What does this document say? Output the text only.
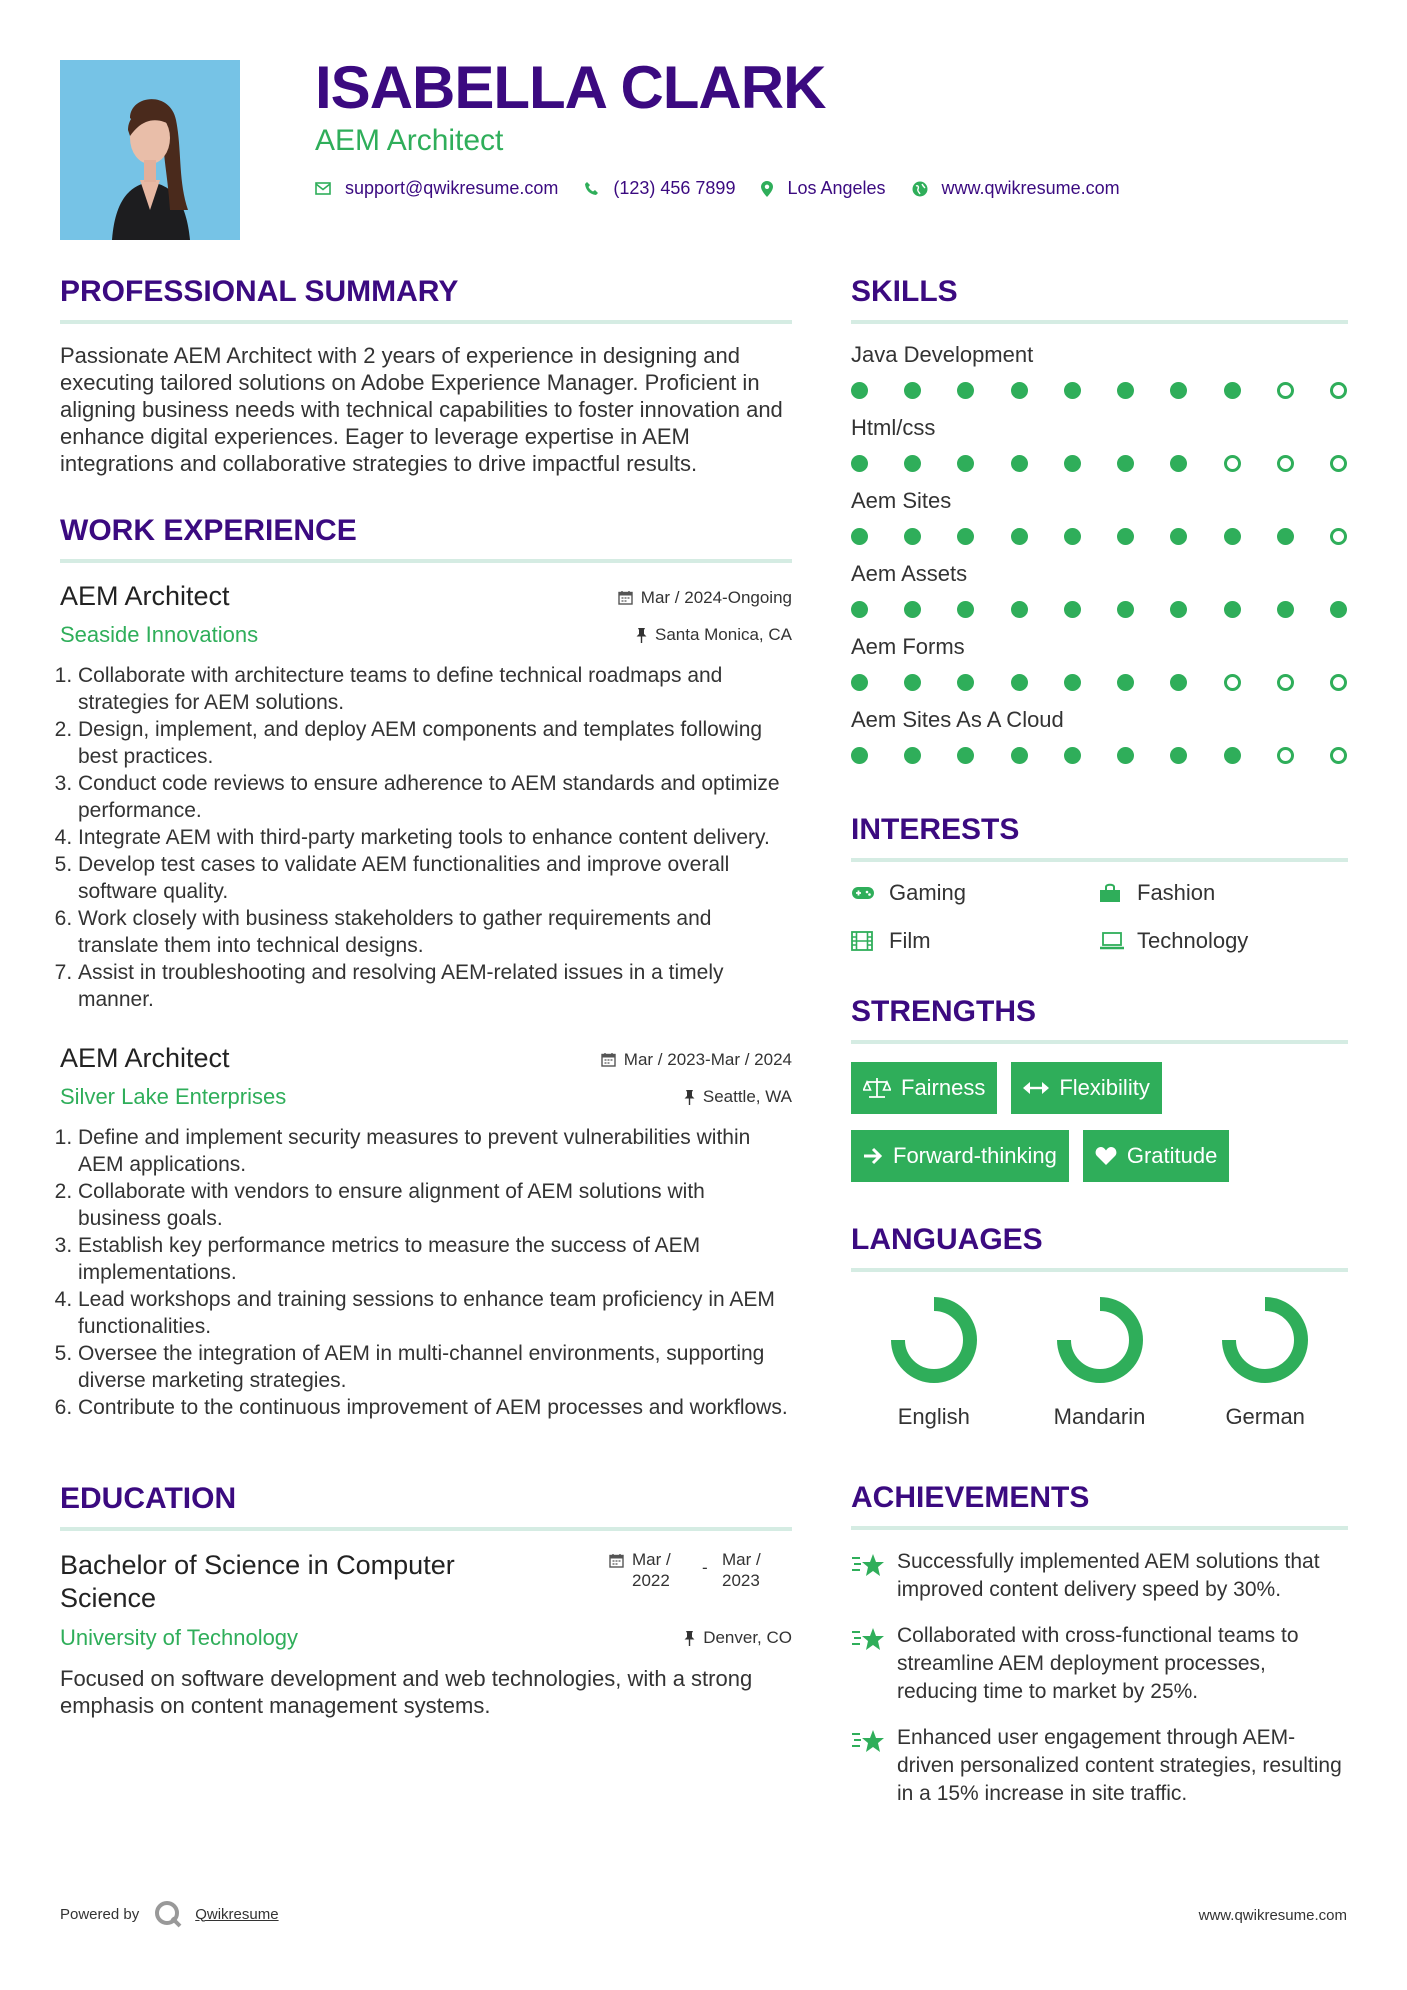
ISABELLA CLARK
AEM Architect
support@qwikresume.com	(123) 456 7899	Los Angeles	www.qwikresume.com
PROFESSIONAL SUMMARY

Passionate AEM Architect with 2 years of experience in designing and executing tailored solutions on Adobe Experience Manager. Proficient in aligning business needs with technical capabilities to foster innovation and enhance digital experiences. Eager to leverage expertise in AEM integrations and collaborative strategies to drive impactful results.

WORK EXPERIENCE
AEM Architect	Mar / 2024-Ongoing
Seaside Innovations	Santa Monica, CA
1. Collaborate with architecture teams to define technical roadmaps and strategies for AEM solutions.
2. Design, implement, and deploy AEM components and templates following best practices.
3. Conduct code reviews to ensure adherence to AEM standards and optimize performance.
4. Integrate AEM with third-party marketing tools to enhance content delivery.
5. Develop test cases to validate AEM functionalities and improve overall software quality.
6. Work closely with business stakeholders to gather requirements and translate them into technical designs.
7. Assist in troubleshooting and resolving AEM-related issues in a timely manner.
AEM Architect	Mar / 2023-Mar / 2024
Silver Lake Enterprises	Seattle, WA
1. Define and implement security measures to prevent vulnerabilities within AEM applications.
2. Collaborate with vendors to ensure alignment of AEM solutions with business goals.
3. Establish key performance metrics to measure the success of AEM implementations.
4. Lead workshops and training sessions to enhance team proficiency in AEM functionalities.
5. Oversee the integration of AEM in multi-channel environments, supporting diverse marketing strategies.
6. Contribute to the continuous improvement of AEM processes and workflows.
EDUCATION
Bachelor of Science in Computer Science
Mar / 2022
- Mar / 2023
University of Technology	Denver, CO
Focused on software development and web technologies, with a strong emphasis on content management systems.
SKILLS
Java Development
Html/css
Aem Sites
Aem Assets
Aem Forms
Aem Sites As A Cloud
INTERESTS
Gaming	Fashion
Film	Technology
STRENGTHS
Fairness	Flexibility
Forward-thinking	Gratitude
LANGUAGES
English	Mandarin	German
ACHIEVEMENTS
Successfully implemented AEM solutions that improved content delivery speed by 30%.
Collaborated with cross-functional teams to streamline AEM deployment processes, reducing time to market by 25%.
Enhanced user engagement through AEM-driven personalized content strategies, resulting in a 15% increase in site traffic.
Powered by	Qwikresume	www.qwikresume.com
